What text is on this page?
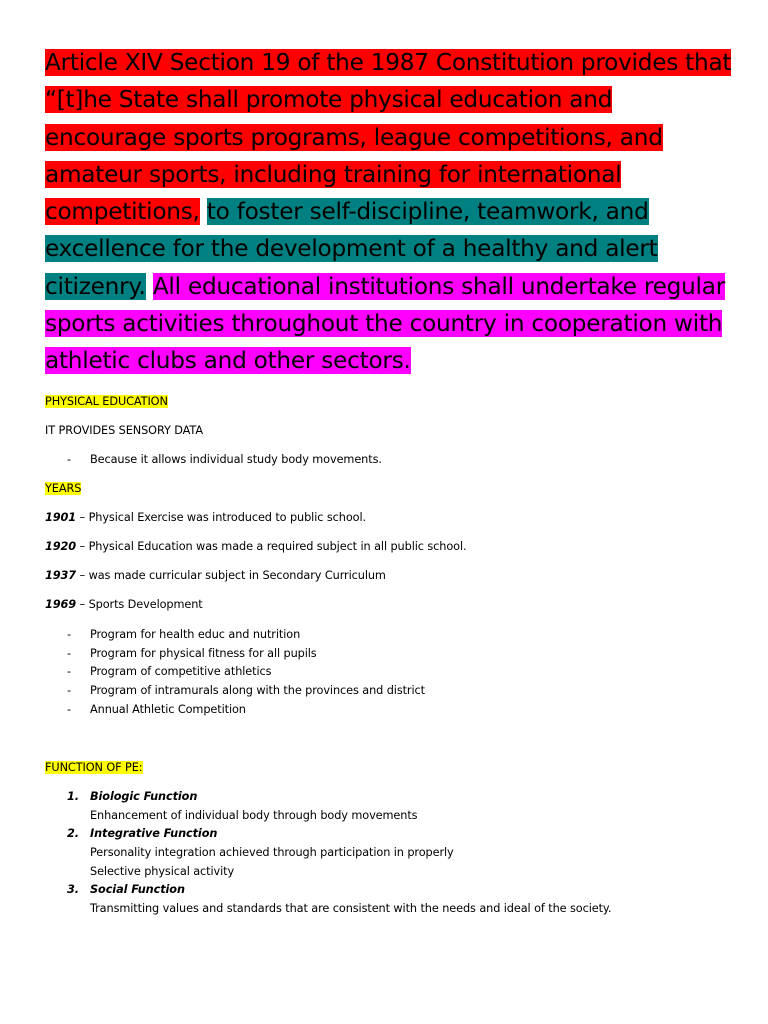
Article XIV Section 19 of the 1987 Constitution provides that “[t]he State shall promote physical education and encourage sports programs, league competitions, and amateur sports, including training for international competitions, to foster self-discipline, teamwork, and excellence for the development of a healthy and alert citizenry. All educational institutions shall undertake regular sports activities throughout the country in cooperation with athletic clubs and other sectors.

PHYSICAL EDUCATION

IT PROVIDES SENSORY DATA

- Because it allows individual study body movements.

YEARS

1901 – Physical Exercise was introduced to public school.

1920 – Physical Education was made a required subject in all public school.

1937 – was made curricular subject in Secondary Curriculum

1969 – Sports Development

- Program for health educ and nutrition
- Program for physical fitness for all pupils
- Program of competitive athletics
- Program of intramurals along with the provinces and district
- Annual Athletic Competition

FUNCTION OF PE:

1. Biologic Function
Enhancement of individual body through body movements
2. Integrative Function
Personality integration achieved through participation in properly
Selective physical activity
3. Social Function
Transmitting values and standards that are consistent with the needs and ideal of the society.
